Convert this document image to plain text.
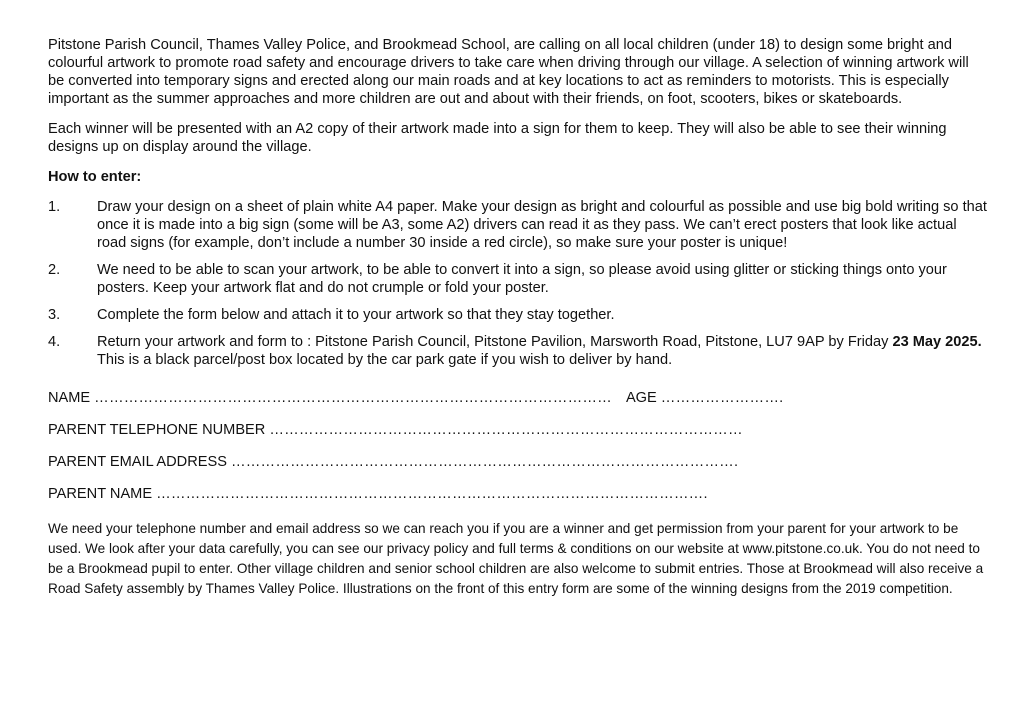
Pitstone Parish Council, Thames Valley Police, and Brookmead School, are calling on all local children (under 18) to design some bright and colourful artwork to promote road safety and encourage drivers to take care when driving through our village. A selection of winning artwork will be converted into temporary signs and erected along our main roads and at key locations to act as reminders to motorists. This is especially important as the summer approaches and more children are out and about with their friends, on foot, scooters, bikes or skateboards.

Each winner will be presented with an A2 copy of their artwork made into a sign for them to keep. They will also be able to see their winning designs up on display around the village.

How to enter:

1.	Draw your design on a sheet of plain white A4 paper. Make your design as bright and colourful as possible and use big bold writing so that once it is made into a big sign (some will be A3, some A2) drivers can read it as they pass. We can’t erect posters that look like actual road signs (for example, don’t include a number 30 inside a red circle), so make sure your poster is unique!
2.	We need to be able to scan your artwork, to be able to convert it into a sign, so please avoid using glitter or sticking things onto your posters. Keep your artwork flat and do not crumple or fold your poster.
3.	Complete the form below and attach it to your artwork so that they stay together.
4.	Return your artwork and form to : Pitstone Parish Council, Pitstone Pavilion, Marsworth Road, Pitstone, LU7 9AP by Friday 23 May 2025. This is a black parcel/post box located by the car park gate if you wish to deliver by hand.
NAME …………………………………………………………………………………………… AGE …………………….
PARENT TELEPHONE NUMBER ……………………………………………………………………………………
PARENT EMAIL ADDRESS ………………………………………………………………………………………….
PARENT NAME ………………………………………………………………………………………………….

We need your telephone number and email address so we can reach you if you are a winner and get permission from your parent for your artwork to be used. We look after your data carefully, you can see our privacy policy and full terms & conditions on our website at www.pitstone.co.uk. You do not need to be a Brookmead pupil to enter. Other village children and senior school children are also welcome to submit entries. Those at Brookmead will also receive a Road Safety assembly by Thames Valley Police. Illustrations on the front of this entry form are some of the winning designs from the 2019 competition.
